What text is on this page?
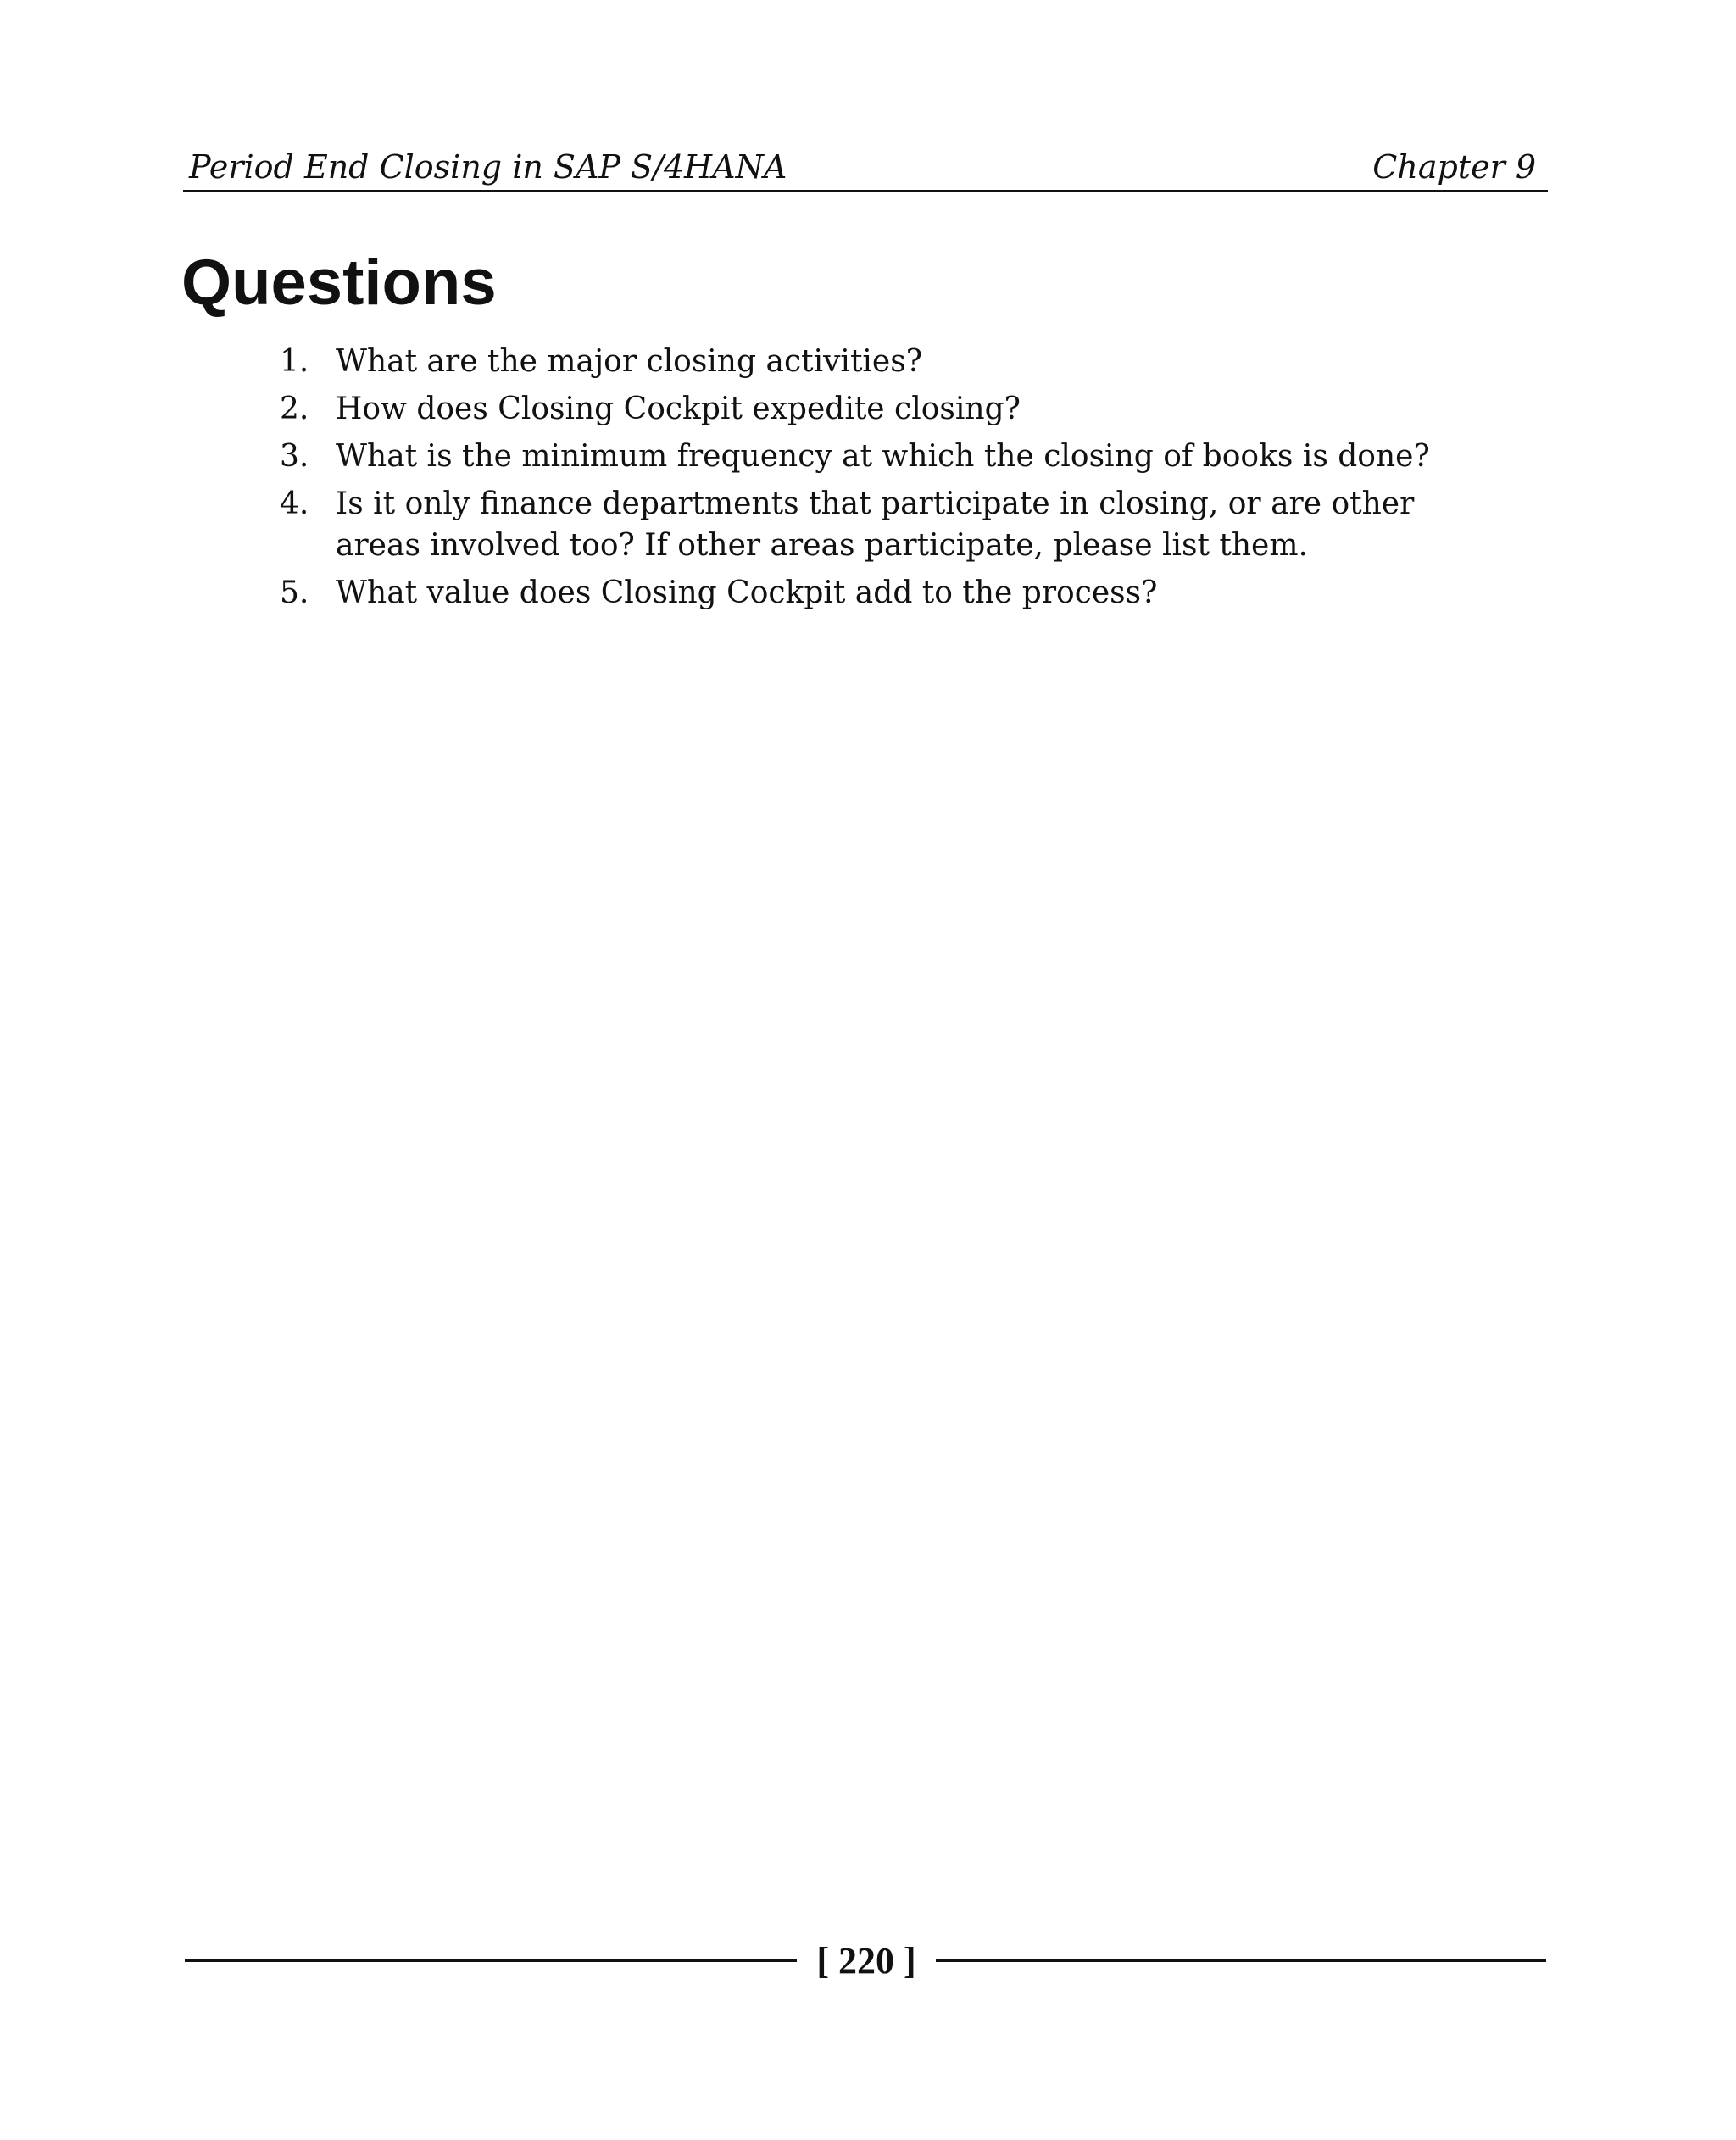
Period End Closing in SAP S/4HANA	Chapter 9
Questions
1. What are the major closing activities?
2. How does Closing Cockpit expedite closing?
3. What is the minimum frequency at which the closing of books is done?
4. Is it only finance departments that participate in closing, or are other areas involved too? If other areas participate, please list them.
5. What value does Closing Cockpit add to the process?
[ 220 ]
